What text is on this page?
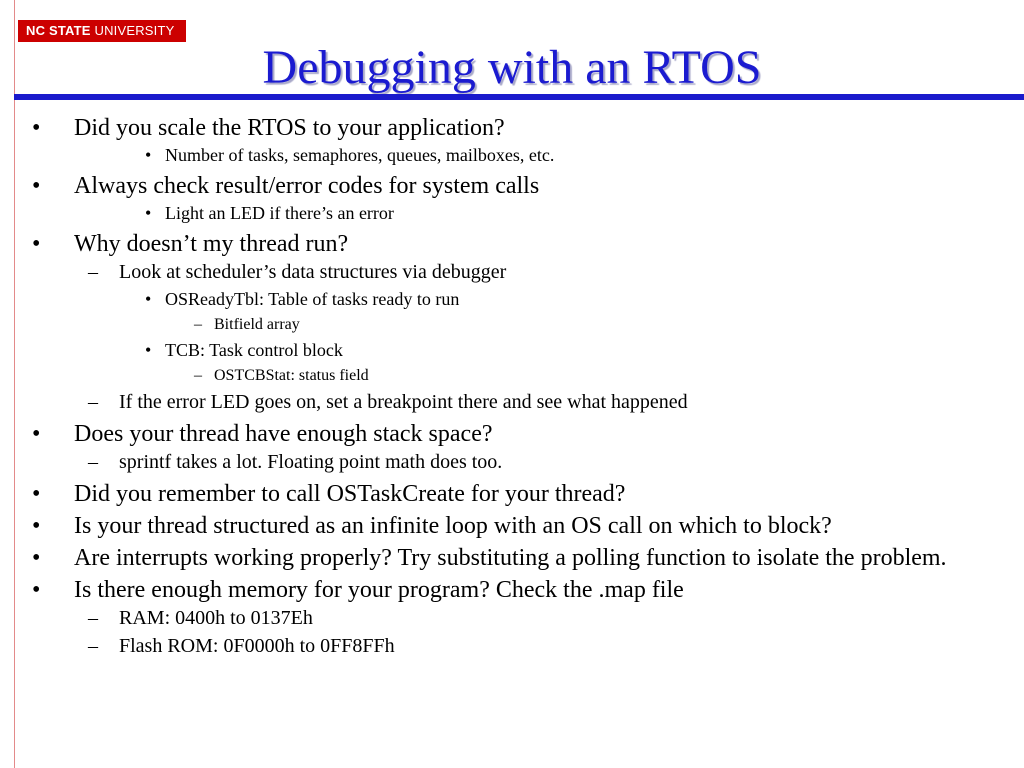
NC STATE UNIVERSITY
Debugging with an RTOS
• Did you scale the RTOS to your application?
• Number of tasks, semaphores, queues, mailboxes, etc.
• Always check result/error codes for system calls
• Light an LED if there’s an error
• Why doesn’t my thread run?
– Look at scheduler’s data structures via debugger
• OSReadyTbl: Table of tasks ready to run
– Bitfield array
• TCB: Task control block
– OSTCBStat: status field
– If the error LED goes on, set a breakpoint there and see what happened
• Does your thread have enough stack space?
– sprintf takes a lot. Floating point math does too.
• Did you remember to call OSTaskCreate for your thread?
• Is your thread structured as an infinite loop with an OS call on which to block?
• Are interrupts working properly? Try substituting a polling function to isolate the problem.
• Is there enough memory for your program? Check the .map file
– RAM: 0400h to 0137Eh
– Flash ROM: 0F0000h to 0FF8FFh
